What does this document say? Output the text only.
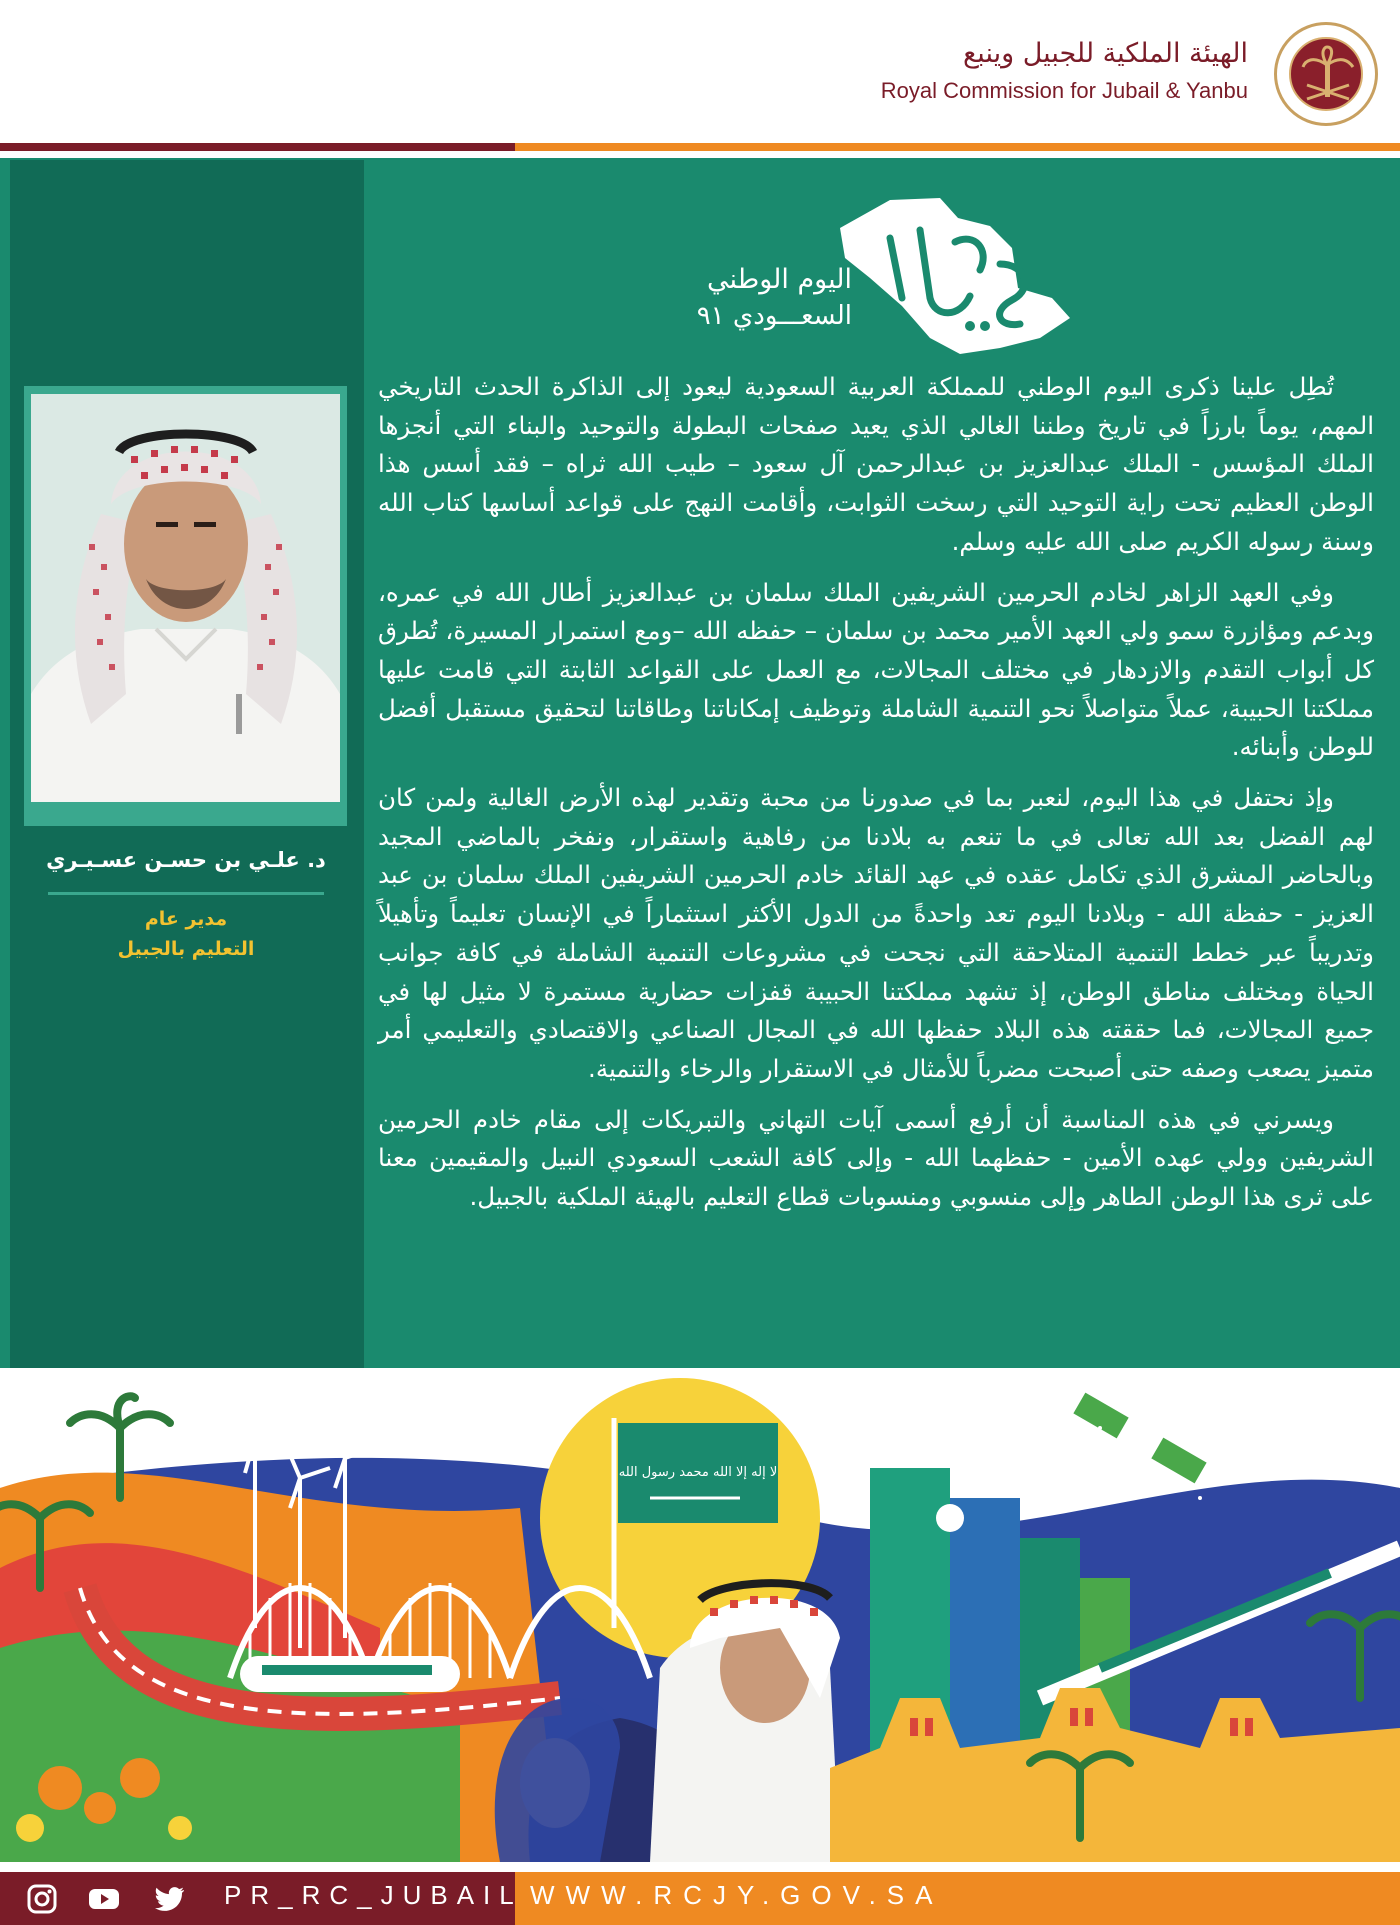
الهيئة الملكية للجبيل وينبع
Royal Commission for Jubail & Yanbu
د. علـي بن حسـن عسـيـري
مدير عام
التعليم بالجبيل
اليوم الوطني
السعـــودي ٩١

تُطِل علينا ذكرى اليوم الوطني للمملكة العربية السعودية ليعود إلى الذاكرة الحدث التاريخي المهم، يوماً بارزاً في تاريخ وطننا الغالي الذي يعيد صفحات البطولة والتوحيد والبناء التي أنجزها الملك المؤسس - الملك عبدالعزيز بن عبدالرحمن آل سعود – طيب الله ثراه – فقد أسس هذا الوطن العظيم تحت راية التوحيد التي رسخت الثوابت، وأقامت النهج على قواعد أساسها كتاب الله وسنة رسوله الكريم صلى الله عليه وسلم.

وفي العهد الزاهر لخادم الحرمين الشريفين الملك سلمان بن عبدالعزيز أطال الله في عمره، وبدعم ومؤازرة سمو ولي العهد الأمير محمد بن سلمان – حفظه الله –ومع استمرار المسيرة، تُطرق كل أبواب التقدم والازدهار في مختلف المجالات، مع العمل على القواعد الثابتة التي قامت عليها مملكتنا الحبيبة، عملاً متواصلاً نحو التنمية الشاملة وتوظيف إمكاناتنا وطاقاتنا لتحقيق مستقبل أفضل للوطن وأبنائه.

وإذ نحتفل في هذا اليوم، لنعبر بما في صدورنا من محبة وتقدير لهذه الأرض الغالية ولمن كان لهم الفضل بعد الله تعالى في ما تنعم به بلادنا من رفاهية واستقرار، ونفخر بالماضي المجيد وبالحاضر المشرق الذي تكامل عقده في عهد القائد خادم الحرمين الشريفين الملك سلمان بن عبد العزيز - حفظة الله - وبلادنا اليوم تعد واحدةً من الدول الأكثر استثماراً في الإنسان تعليماً وتأهيلاً وتدريباً عبر خطط التنمية المتلاحقة التي نجحت في مشروعات التنمية الشاملة في كافة جوانب الحياة ومختلف مناطق الوطن، إذ تشهد مملكتنا الحبيبة قفزات حضارية مستمرة لا مثيل لها في جميع المجالات، فما حققته هذه البلاد حفظها الله في المجال الصناعي والاقتصادي والتعليمي أمر متميز يصعب وصفه حتى أصبحت مضرباً للأمثال في الاستقرار والرخاء والتنمية.

ويسرني في هذه المناسبة أن أرفع أسمى آيات التهاني والتبريكات إلى مقام خادم الحرمين الشريفين وولي عهده الأمين - حفظهما الله - وإلى كافة الشعب السعودي النبيل والمقيمين معنا على ثرى هذا الوطن الطاهر وإلى منسوبي ومنسوبات قطاع التعليم بالهيئة الملكية بالجبيل.

لا إله إلا الله محمد رسول الله
PR_RC_JUBAIL WWW.RCJY.GOV.SA
